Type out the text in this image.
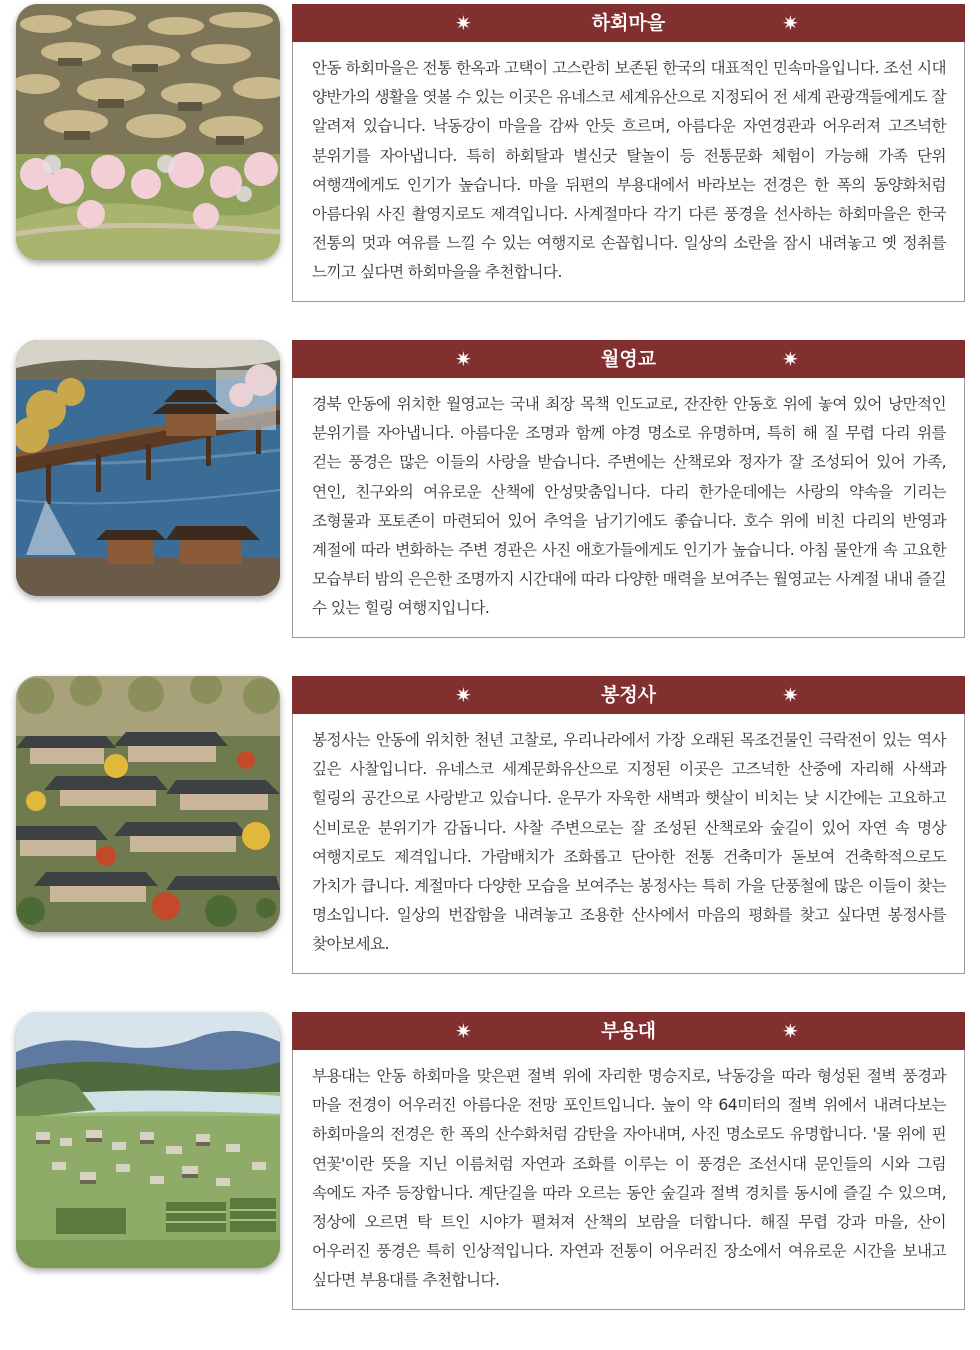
✷	하회마을	✷
안동 하회마을은 전통 한옥과 고택이 고스란히 보존된 한국의 대표적인 민속마을입니다. 조선 시대 양반가의 생활을 엿볼 수 있는 이곳은 유네스코 세계유산으로 지정되어 전 세계 관광객들에게도 잘 알려져 있습니다. 낙동강이 마을을 감싸 안듯 흐르며, 아름다운 자연경관과 어우러져 고즈넉한 분위기를 자아냅니다. 특히 하회탈과 별신굿 탈놀이 등 전통문화 체험이 가능해 가족 단위 여행객에게도 인기가 높습니다. 마을 뒤편의 부용대에서 바라보는 전경은 한 폭의 동양화처럼 아름다워 사진 촬영지로도 제격입니다. 사계절마다 각기 다른 풍경을 선사하는 하회마을은 한국 전통의 멋과 여유를 느낄 수 있는 여행지로 손꼽힙니다. 일상의 소란을 잠시 내려놓고 옛 정취를 느끼고 싶다면 하회마을을 추천합니다.
✷	월영교	✷
경북 안동에 위치한 월영교는 국내 최장 목책 인도교로, 잔잔한 안동호 위에 놓여 있어 낭만적인 분위기를 자아냅니다. 아름다운 조명과 함께 야경 명소로 유명하며, 특히 해 질 무렵 다리 위를 걷는 풍경은 많은 이들의 사랑을 받습니다. 주변에는 산책로와 정자가 잘 조성되어 있어 가족, 연인, 친구와의 여유로운 산책에 안성맞춤입니다. 다리 한가운데에는 사랑의 약속을 기리는 조형물과 포토존이 마련되어 있어 추억을 남기기에도 좋습니다. 호수 위에 비친 다리의 반영과 계절에 따라 변화하는 주변 경관은 사진 애호가들에게도 인기가 높습니다. 아침 물안개 속 고요한 모습부터 밤의 은은한 조명까지 시간대에 따라 다양한 매력을 보여주는 월영교는 사계절 내내 즐길 수 있는 힐링 여행지입니다.
✷	봉정사	✷
봉정사는 안동에 위치한 천년 고찰로, 우리나라에서 가장 오래된 목조건물인 극락전이 있는 역사 깊은 사찰입니다. 유네스코 세계문화유산으로 지정된 이곳은 고즈넉한 산중에 자리해 사색과 힐링의 공간으로 사랑받고 있습니다. 운무가 자욱한 새벽과 햇살이 비치는 낮 시간에는 고요하고 신비로운 분위기가 감돕니다. 사찰 주변으로는 잘 조성된 산책로와 숲길이 있어 자연 속 명상 여행지로도 제격입니다. 가람배치가 조화롭고 단아한 전통 건축미가 돋보여 건축학적으로도 가치가 큽니다. 계절마다 다양한 모습을 보여주는 봉정사는 특히 가을 단풍철에 많은 이들이 찾는 명소입니다. 일상의 번잡함을 내려놓고 조용한 산사에서 마음의 평화를 찾고 싶다면 봉정사를 찾아보세요.
✷	부용대	✷
부용대는 안동 하회마을 맞은편 절벽 위에 자리한 명승지로, 낙동강을 따라 형성된 절벽 풍경과 마을 전경이 어우러진 아름다운 전망 포인트입니다. 높이 약 64미터의 절벽 위에서 내려다보는 하회마을의 전경은 한 폭의 산수화처럼 감탄을 자아내며, 사진 명소로도 유명합니다. '물 위에 핀 연꽃'이란 뜻을 지닌 이름처럼 자연과 조화를 이루는 이 풍경은 조선시대 문인들의 시와 그림 속에도 자주 등장합니다. 계단길을 따라 오르는 동안 숲길과 절벽 경치를 동시에 즐길 수 있으며, 정상에 오르면 탁 트인 시야가 펼쳐져 산책의 보람을 더합니다. 해질 무렵 강과 마을, 산이 어우러진 풍경은 특히 인상적입니다. 자연과 전통이 어우러진 장소에서 여유로운 시간을 보내고 싶다면 부용대를 추천합니다.
